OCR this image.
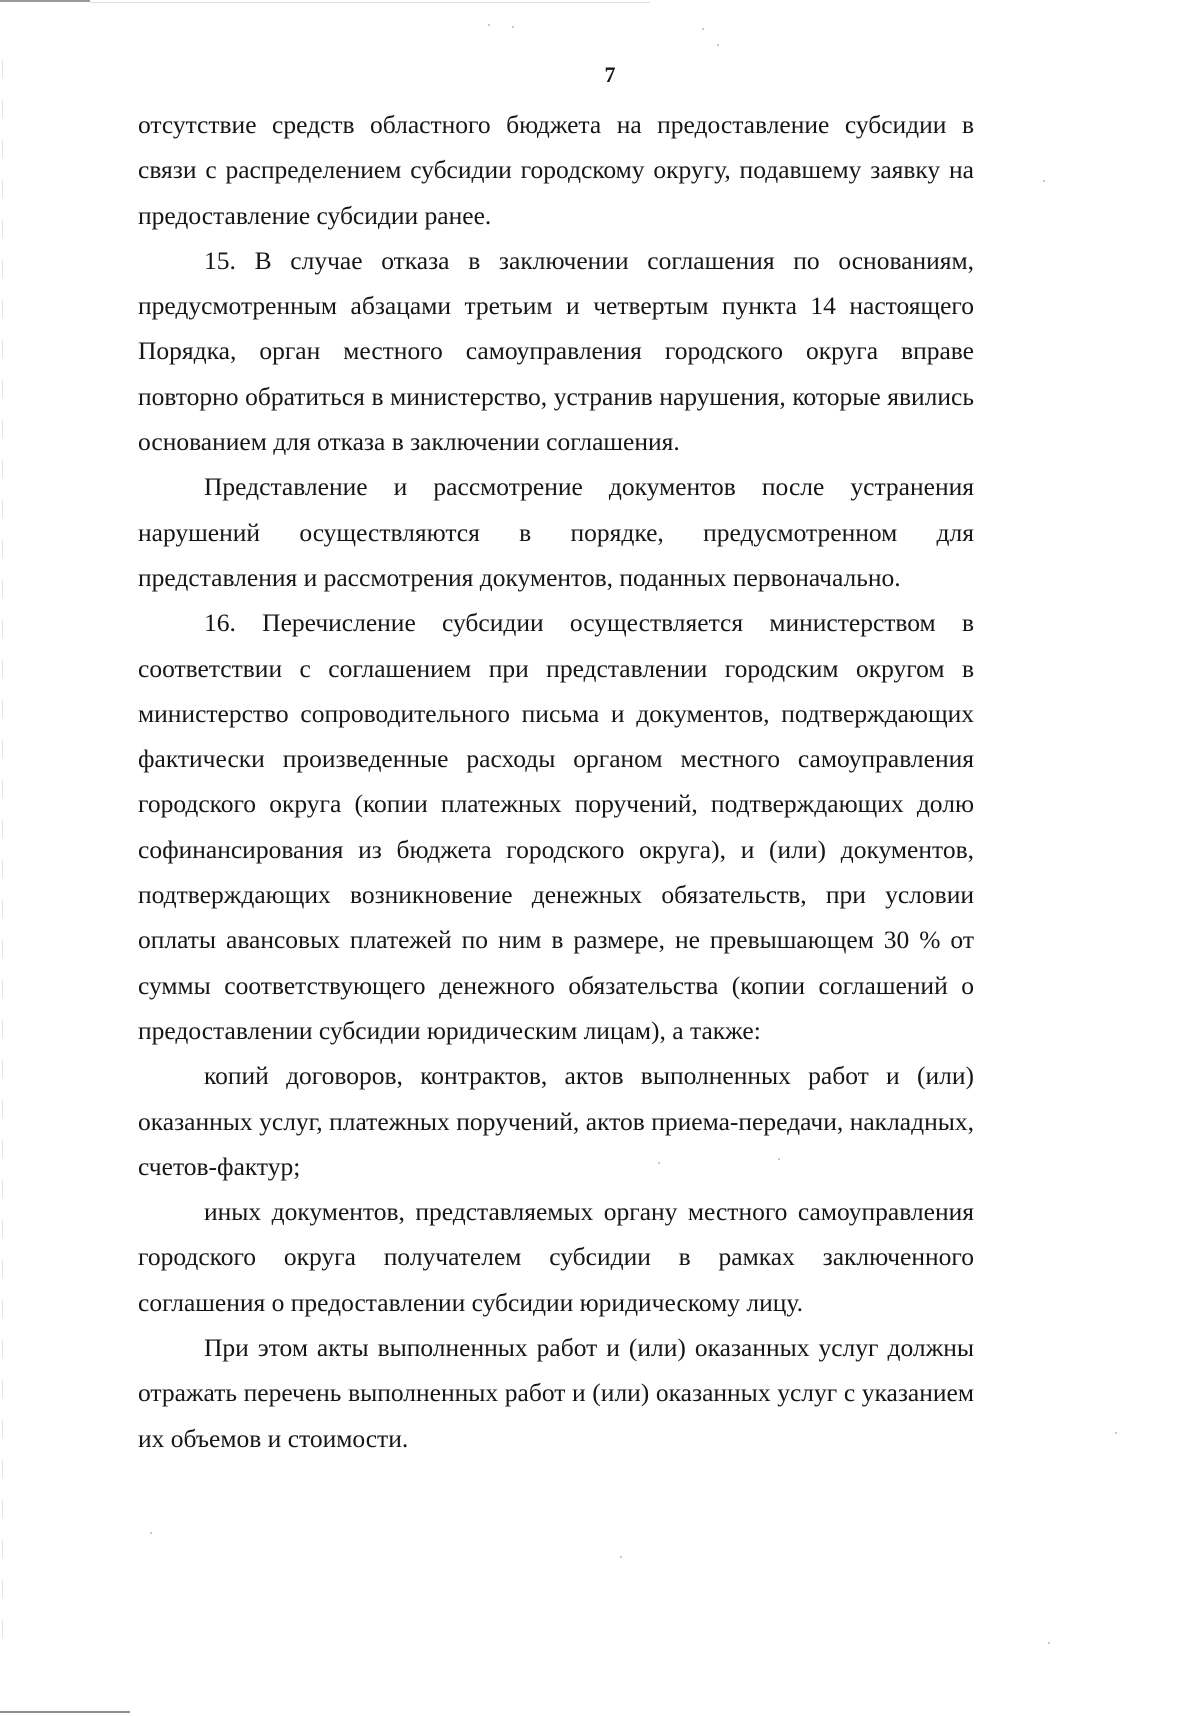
7

отсутствие средств областного бюджета на предоставление субсидии в связи с распределением субсидии городскому округу, подавшему заявку на предоставление субсидии ранее.

15. В случае отказа в заключении соглашения по основаниям, предусмотренным абзацами третьим и четвертым пункта 14 настоящего Порядка, орган местного самоуправления городского округа вправе повторно обратиться в министерство, устранив нарушения, которые явились основанием для отказа в заключении соглашения.

Представление и рассмотрение документов после устранения нарушений осуществляются в порядке, предусмотренном для представления и рассмотрения документов, поданных первоначально.

16. Перечисление субсидии осуществляется министерством в соответствии с соглашением при представлении городским округом в министерство сопроводительного письма и документов, подтверждающих фактически произведенные расходы органом местного самоуправления городского округа (копии платежных поручений, подтверждающих долю софинансирования из бюджета городского округа), и (или) документов, подтверждающих возникновение денежных обязательств, при условии оплаты авансовых платежей по ним в размере, не превышающем 30 % от суммы соответствующего денежного обязательства (копии соглашений о предоставлении субсидии юридическим лицам), а также:

копий договоров, контрактов, актов выполненных работ и (или) оказанных услуг, платежных поручений, актов приема-передачи, накладных, счетов-фактур;

иных документов, представляемых органу местного самоуправления городского округа получателем субсидии в рамках заключенного соглашения о предоставлении субсидии юридическому лицу.

При этом акты выполненных работ и (или) оказанных услуг должны отражать перечень выполненных работ и (или) оказанных услуг с указанием их объемов и стоимости.
